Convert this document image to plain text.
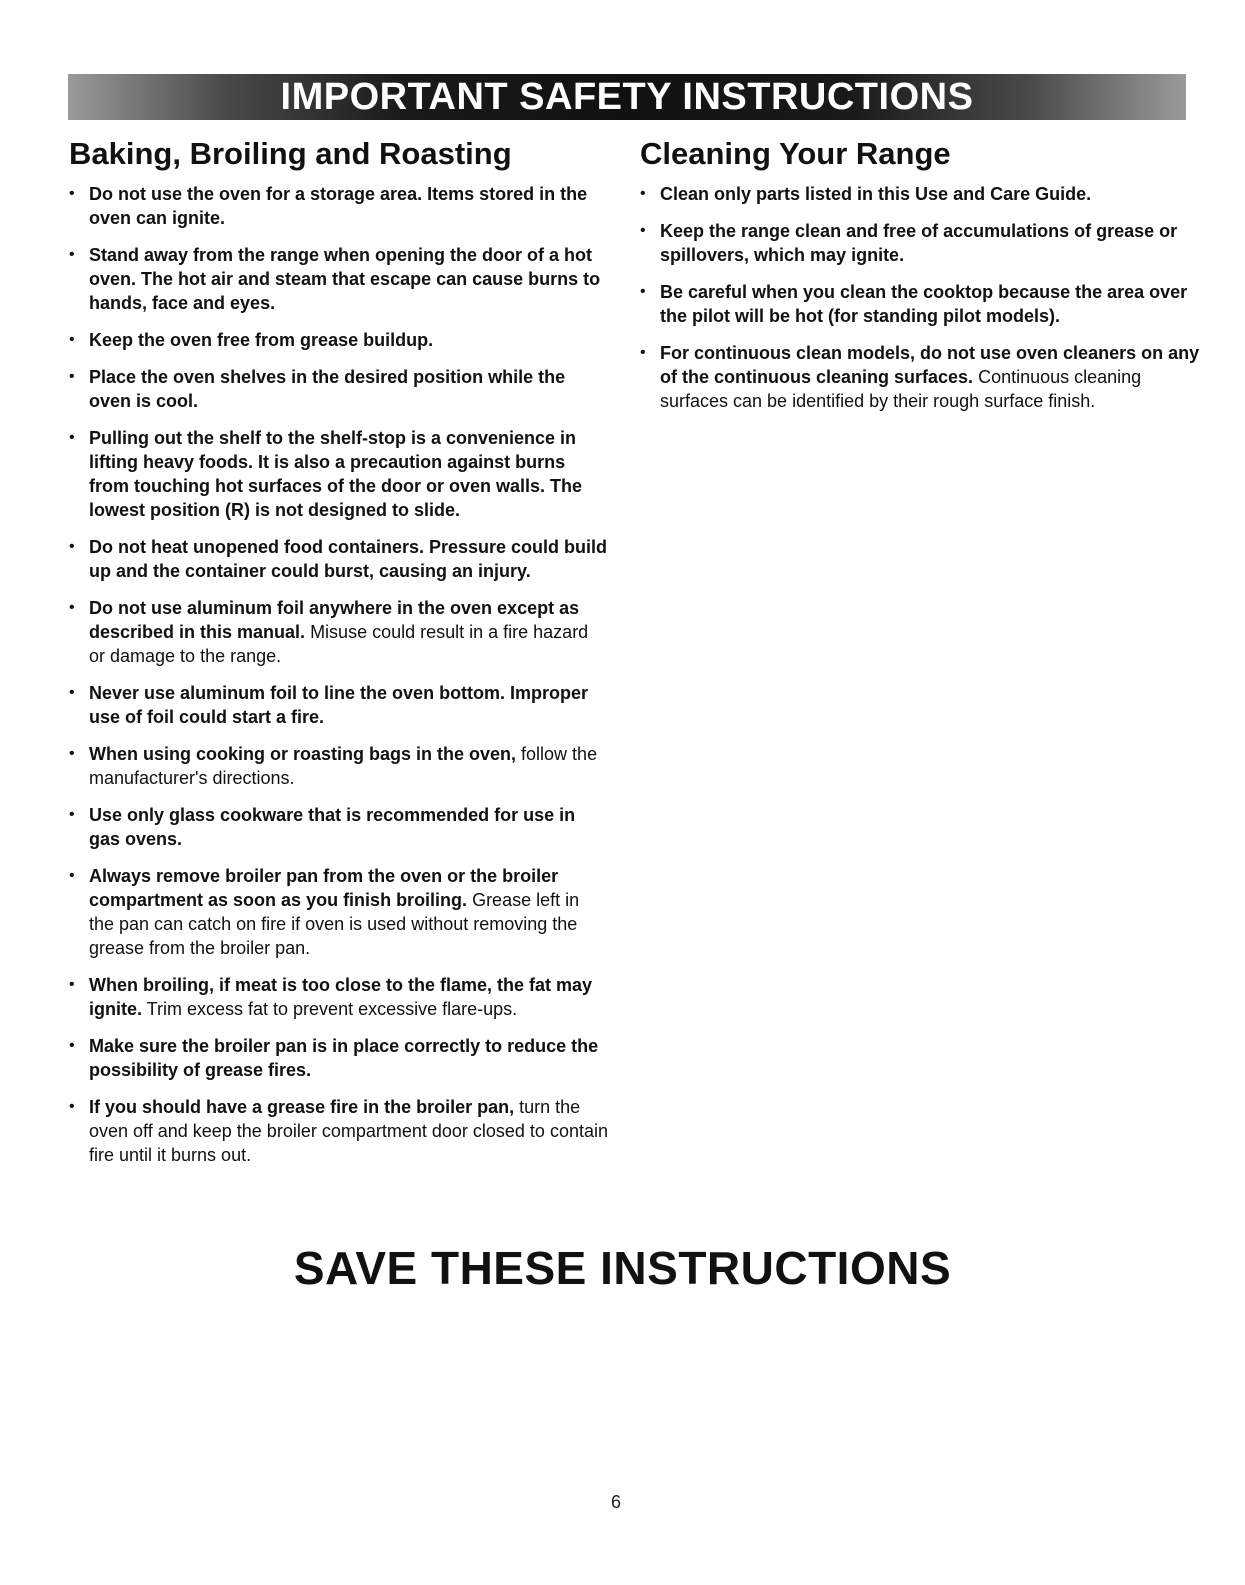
IMPORTANT SAFETY INSTRUCTIONS
Baking, Broiling and Roasting
• Do not use the oven for a storage area. Items stored in the oven can ignite.
• Stand away from the range when opening the door of a hot oven. The hot air and steam that escape can cause burns to hands, face and eyes.
• Keep the oven free from grease buildup.
• Place the oven shelves in the desired position while the oven is cool.
• Pulling out the shelf to the shelf-stop is a convenience in lifting heavy foods. It is also a precaution against burns from touching hot surfaces of the door or oven walls. The lowest position (R) is not designed to slide.
• Do not heat unopened food containers. Pressure could build up and the container could burst, causing an injury.
• Do not use aluminum foil anywhere in the oven except as described in this manual. Misuse could result in a fire hazard or damage to the range.
• Never use aluminum foil to line the oven bottom. Improper use of foil could start a fire.
• When using cooking or roasting bags in the oven, follow the manufacturer's directions.
• Use only glass cookware that is recommended for use in gas ovens.
• Always remove broiler pan from the oven or the broiler compartment as soon as you finish broiling. Grease left in the pan can catch on fire if oven is used without removing the grease from the broiler pan.
• When broiling, if meat is too close to the flame, the fat may ignite. Trim excess fat to prevent excessive flare-ups.
• Make sure the broiler pan is in place correctly to reduce the possibility of grease fires.
• If you should have a grease fire in the broiler pan, turn the oven off and keep the broiler compartment door closed to contain fire until it burns out.
Cleaning Your Range
• Clean only parts listed in this Use and Care Guide.
• Keep the range clean and free of accumulations of grease or spillovers, which may ignite.
• Be careful when you clean the cooktop because the area over the pilot will be hot (for standing pilot models).
• For continuous clean models, do not use oven cleaners on any of the continuous cleaning surfaces. Continuous cleaning surfaces can be identified by their rough surface finish.
SAVE THESE INSTRUCTIONS
6
